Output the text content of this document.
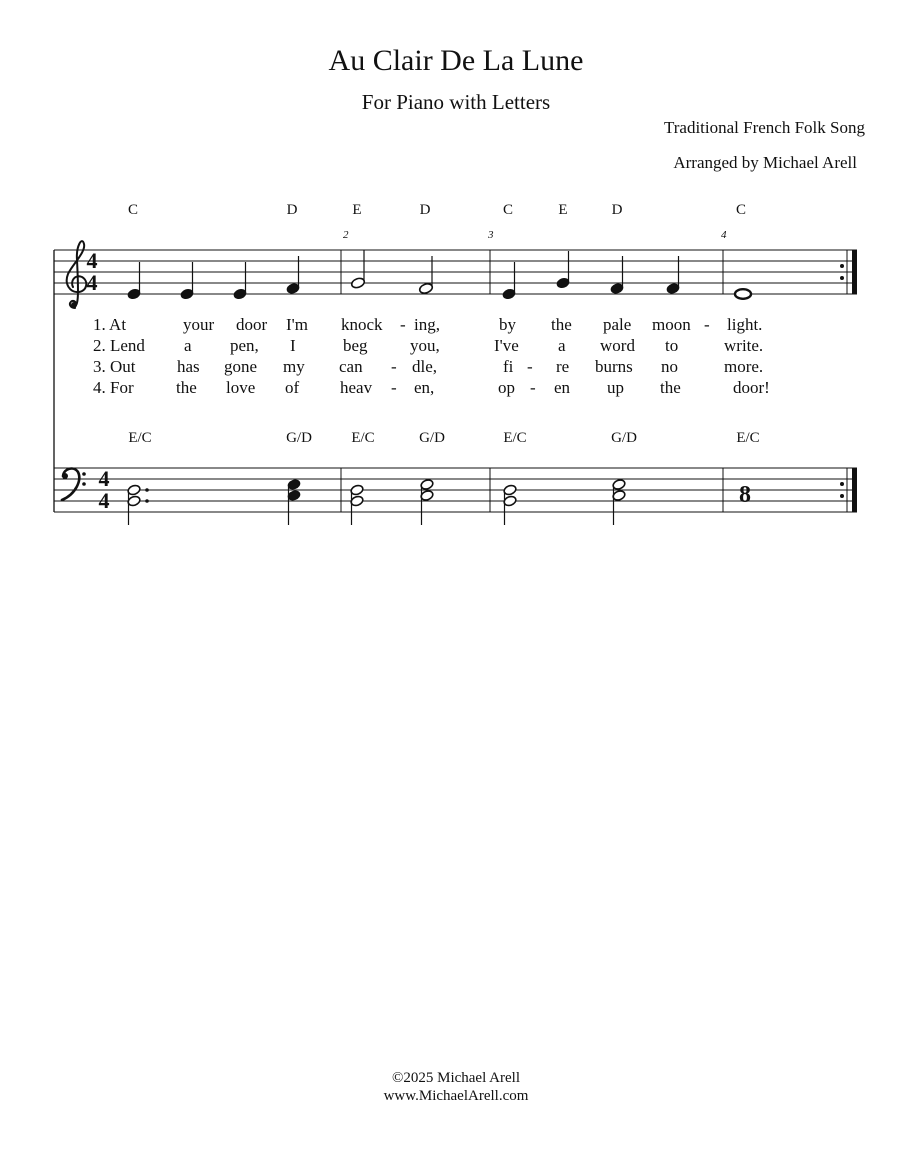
Au Clair De La Lune
For Piano with Letters
Traditional French Folk Song
Arranged by Michael Arell
4
4
2	3	4
C	D	E	D	C	E	D	C
1. At	your door I'm knock - ing,	by the pale moon - light.
2. Lend a pen, I	beg you,	I've a word to	write.
3. Out has gone my can - dle,	fi - re burns no	more.
4. For the love of heav - en,	op - en up the	door!
E/C	G/D	E/C	G/D	E/C	G/D	E/C
4
4	8
©2025 Michael Arell
www.MichaelArell.com
